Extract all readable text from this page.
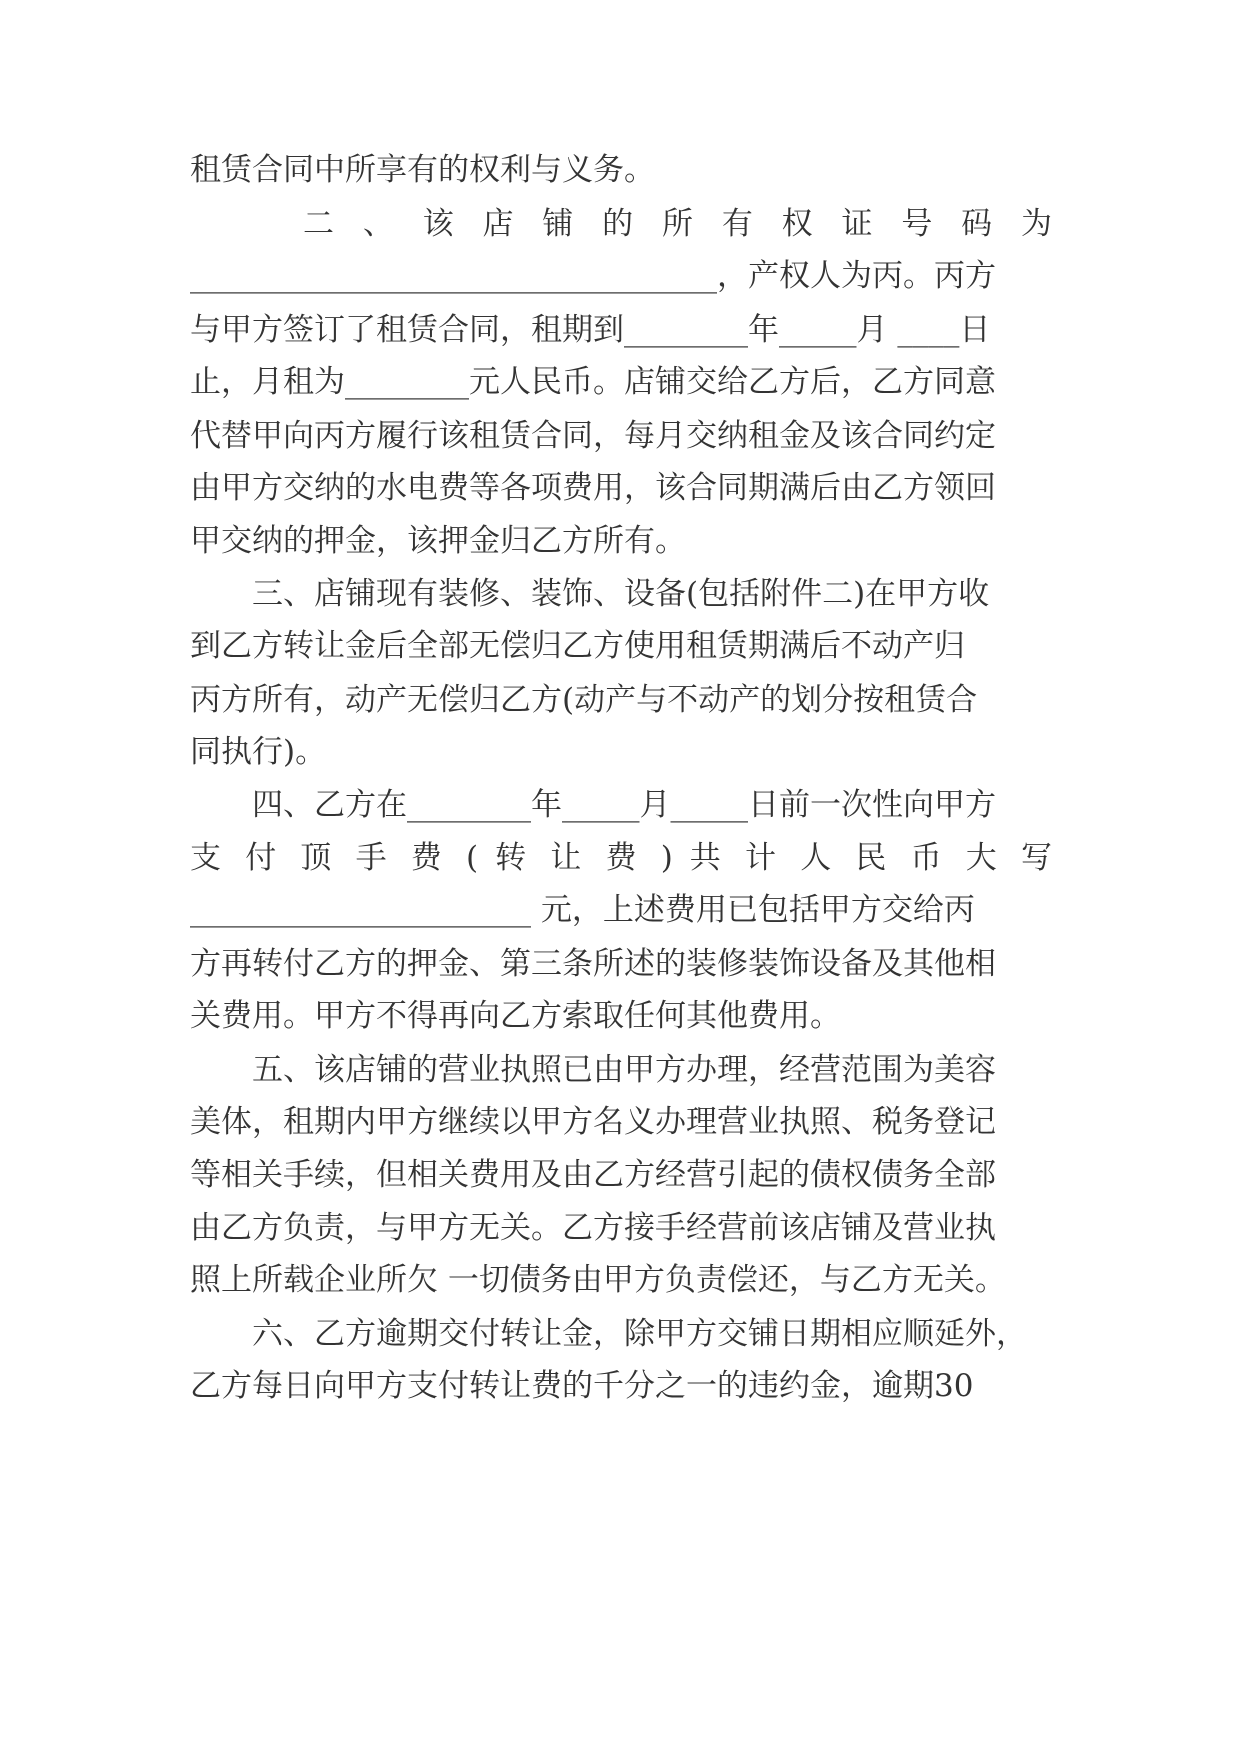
租赁合同中所享有的权利与义务。
二 、 该 店 铺 的 所 有 权 证 号 码 为
__________________________________，产权人为丙。丙方
与甲方签订了租赁合同，租期到________年_____月 ____日
止，月租为________元人民币。店铺交给乙方后，乙方同意
代替甲向丙方履行该租赁合同，每月交纳租金及该合同约定
由甲方交纳的水电费等各项费用，该合同期满后由乙方领回
甲交纳的押金，该押金归乙方所有。
三、店铺现有装修、装饰、设备(包括附件二)在甲方收
到乙方转让金后全部无偿归乙方使用租赁期满后不动产归
丙方所有，动产无偿归乙方(动产与不动产的划分按租赁合
同执行)。
四、乙方在________年_____月_____日前一次性向甲方
支 付 顶 手 费 ( 转 让 费 ) 共 计 人 民 币 大 写
______________________ 元，上述费用已包括甲方交给丙
方再转付乙方的押金、第三条所述的装修装饰设备及其他相
关费用。甲方不得再向乙方索取任何其他费用。
五、该店铺的营业执照已由甲方办理，经营范围为美容
美体，租期内甲方继续以甲方名义办理营业执照、税务登记
等相关手续，但相关费用及由乙方经营引起的债权债务全部
由乙方负责，与甲方无关。乙方接手经营前该店铺及营业执
照上所载企业所欠 一切债务由甲方负责偿还，与乙方无关。
六、乙方逾期交付转让金，除甲方交铺日期相应顺延外，
乙方每日向甲方支付转让费的千分之一的违约金，逾期30
